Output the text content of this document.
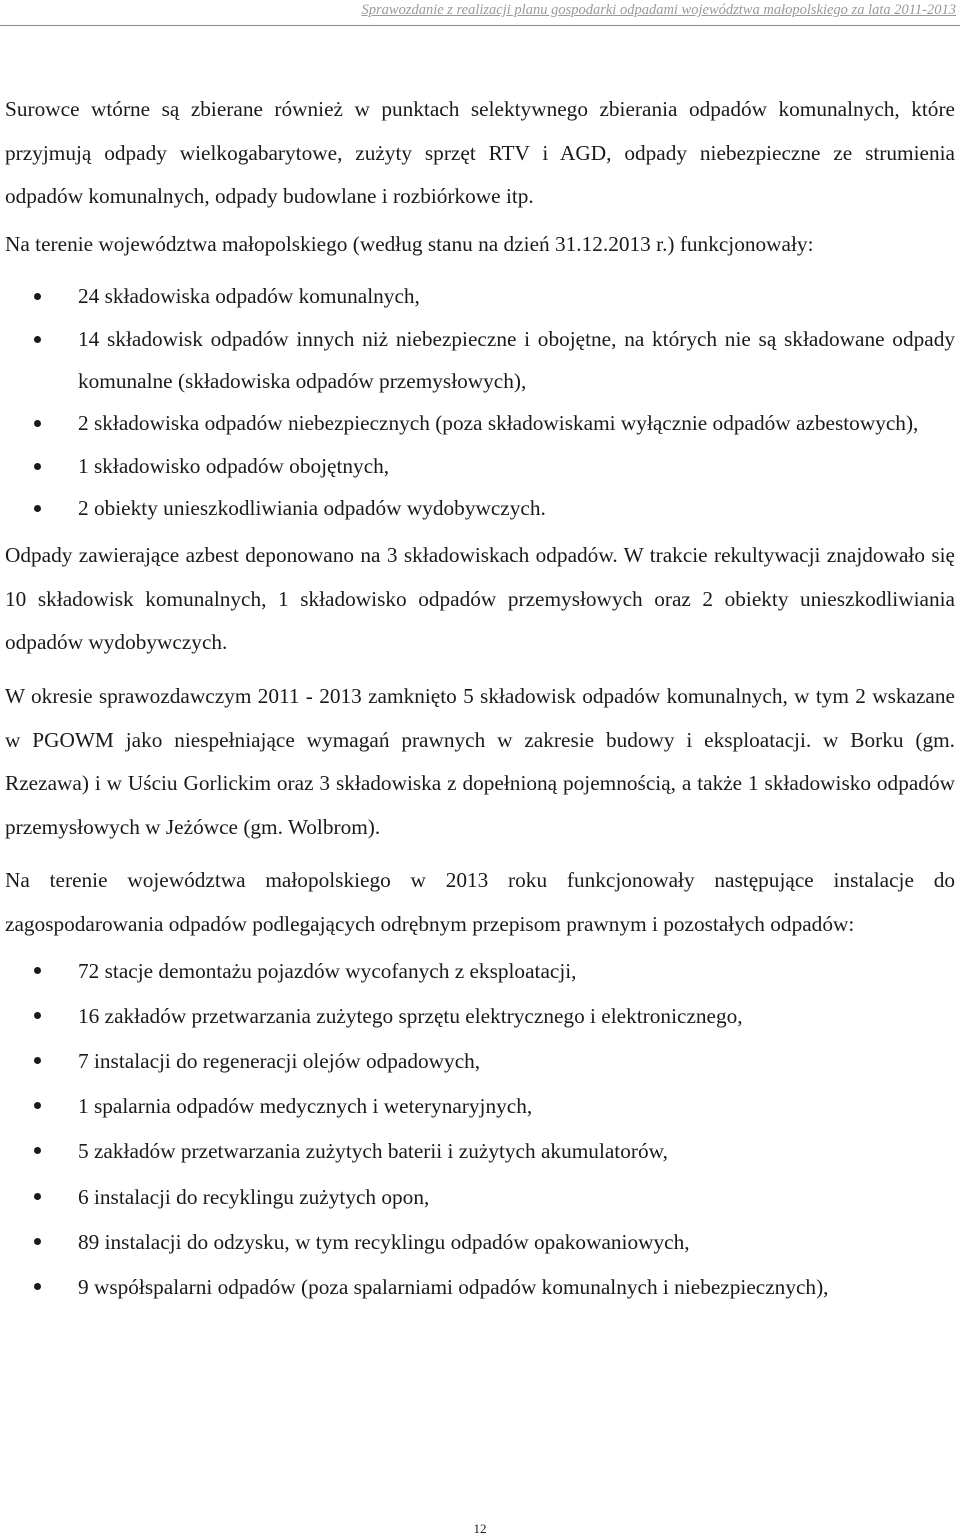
Sprawozdanie z realizacji planu gospodarki odpadami województwa małopolskiego za lata 2011-2013

Surowce wtórne są zbierane również w punktach selektywnego zbierania odpadów komunalnych, które przyjmują odpady wielkogabarytowe, zużyty sprzęt RTV i AGD, odpady niebezpieczne ze strumienia odpadów komunalnych, odpady budowlane i rozbiórkowe itp.

Na terenie województwa małopolskiego (według stanu na dzień 31.12.2013 r.) funkcjonowały:

24 składowiska odpadów komunalnych,
14 składowisk odpadów innych niż niebezpieczne i obojętne, na których nie są składowane odpady komunalne (składowiska odpadów przemysłowych),
2 składowiska odpadów niebezpiecznych (poza składowiskami wyłącznie odpadów azbestowych),
1 składowisko odpadów obojętnych,
2 obiekty unieszkodliwiania odpadów wydobywczych.

Odpady zawierające azbest deponowano na 3 składowiskach odpadów. W trakcie rekultywacji znajdowało się 10 składowisk komunalnych, 1 składowisko odpadów przemysłowych oraz 2 obiekty unieszkodliwiania odpadów wydobywczych.

W okresie sprawozdawczym 2011 - 2013 zamknięto 5 składowisk odpadów komunalnych, w tym 2 wskazane w PGOWM jako niespełniające wymagań prawnych w zakresie budowy i eksploatacji. w Borku (gm. Rzezawa) i w Uściu Gorlickim oraz 3 składowiska z dopełnioną pojemnością, a także 1 składowisko odpadów przemysłowych w Jeżówce (gm. Wolbrom).

Na terenie województwa małopolskiego w 2013 roku funkcjonowały następujące instalacje do zagospodarowania odpadów podlegających odrębnym przepisom prawnym i pozostałych odpadów:

72 stacje demontażu pojazdów wycofanych z eksploatacji,
16 zakładów przetwarzania zużytego sprzętu elektrycznego i elektronicznego,
7 instalacji do regeneracji olejów odpadowych,
1 spalarnia odpadów medycznych i weterynaryjnych,
5 zakładów przetwarzania zużytych baterii i zużytych akumulatorów,
6 instalacji do recyklingu zużytych opon,
89 instalacji do odzysku, w tym recyklingu odpadów opakowaniowych,
9 współspalarni odpadów (poza spalarniami odpadów komunalnych i niebezpiecznych),
12
